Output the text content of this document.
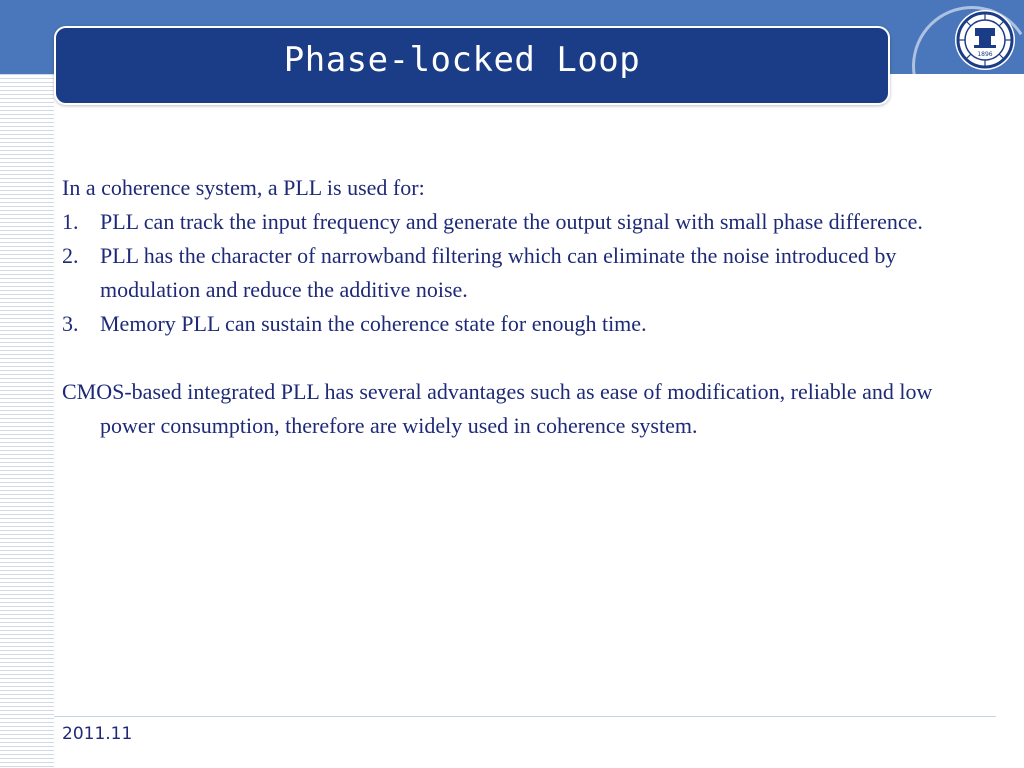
1896
Phase-locked Loop

In a coherence system, a PLL is used for:

1. PLL can track the input frequency and generate the output signal with small phase difference.
2. PLL has the character of narrowband filtering which can eliminate the noise introduced by modulation and reduce the additive noise.
3. Memory PLL can sustain the coherence state for enough time.

CMOS-based integrated PLL has several advantages such as ease of modification, reliable and low power consumption, therefore are widely used in coherence system.

2011.11
